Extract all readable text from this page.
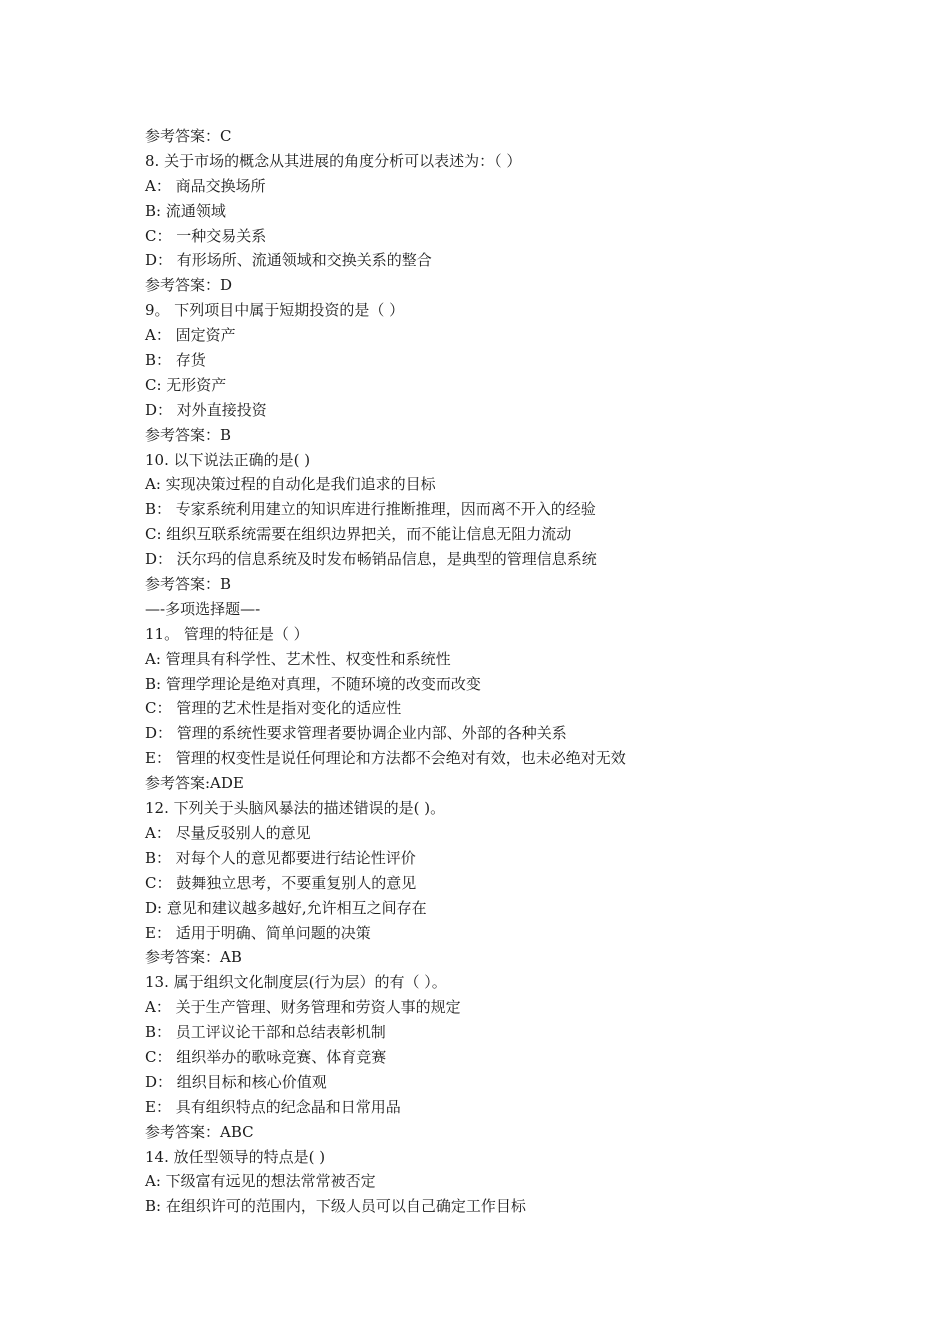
参考答案：C
8. 关于市场的概念从其进展的角度分析可以表述为：（ ）
A： 商品交换场所
B: 流通领域
C： 一种交易关系
D： 有形场所、流通领域和交换关系的整合
参考答案：D
9。 下列项目中属于短期投资的是（ ）
A： 固定资产
B： 存货
C: 无形资产
D： 对外直接投资
参考答案：B
10. 以下说法正确的是( )
A: 实现决策过程的自动化是我们追求的目标
B： 专家系统利用建立的知识库进行推断推理，因而离不开入的经验
C: 组织互联系统需要在组织边界把关，而不能让信息无阻力流动
D： 沃尔玛的信息系统及时发布畅销品信息，是典型的管理信息系统
参考答案：B
—-多项选择题—-
11。 管理的特征是（ ）
A: 管理具有科学性、艺术性、权变性和系统性
B: 管理学理论是绝对真理，不随环境的改变而改变
C： 管理的艺术性是指对变化的适应性
D： 管理的系统性要求管理者要协调企业内部、外部的各种关系
E： 管理的权变性是说任何理论和方法都不会绝对有效，也未必绝对无效
参考答案:ADE
12. 下列关于头脑风暴法的描述错误的是( )。
A： 尽量反驳别人的意见
B： 对每个人的意见都要进行结论性评价
C： 鼓舞独立思考，不要重复别人的意见
D: 意见和建议越多越好,允许相互之间存在
E： 适用于明确、简单问题的决策
参考答案：AB
13. 属于组织文化制度层(行为层）的有（ ）。
A： 关于生产管理、财务管理和劳资人事的规定
B： 员工评议论干部和总结表彰机制
C： 组织举办的歌咏竞赛、体育竞赛
D： 组织目标和核心价值观
E： 具有组织特点的纪念晶和日常用品
参考答案：ABC
14. 放任型领导的特点是( )
A: 下级富有远见的想法常常被否定
B: 在组织许可的范围内，下级人员可以自己确定工作目标
